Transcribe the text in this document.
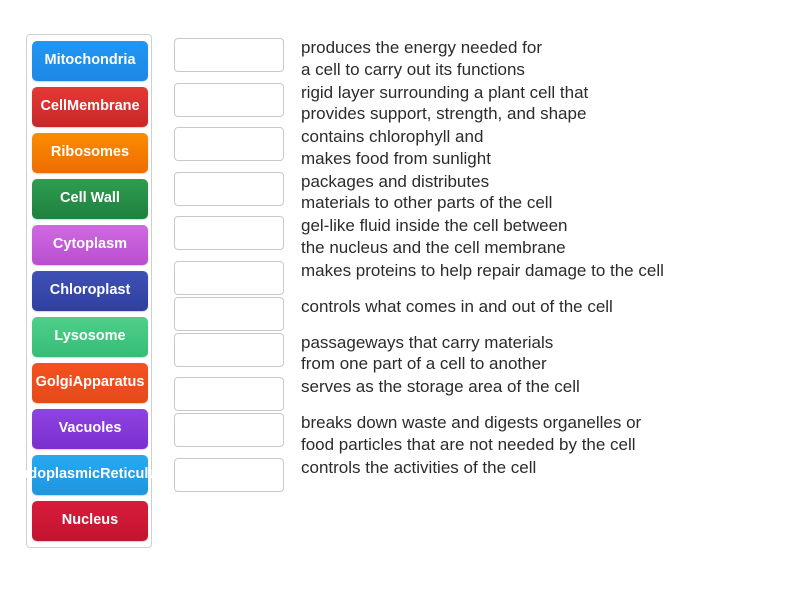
Mitochondria
Cell Membrane
Ribosomes
Cell Wall
Cytoplasm
Chloroplast
Lysosome
Golgi Apparatus
Vacuoles
Endoplasmic Reticulum
Nucleus
produces the energy needed for
a cell to carry out its functions
rigid layer surrounding a plant cell that
provides support, strength, and shape
contains chlorophyll and
makes food from sunlight
packages and distributes
materials to other parts of the cell
gel-like fluid inside the cell between
the nucleus and the cell membrane
makes proteins to help repair damage to the cell
controls what comes in and out of the cell
passageways that carry materials
from one part of a cell to another
serves as the storage area of the cell
breaks down waste and digests organelles or
food particles that are not needed by the cell
controls the activities of the cell
